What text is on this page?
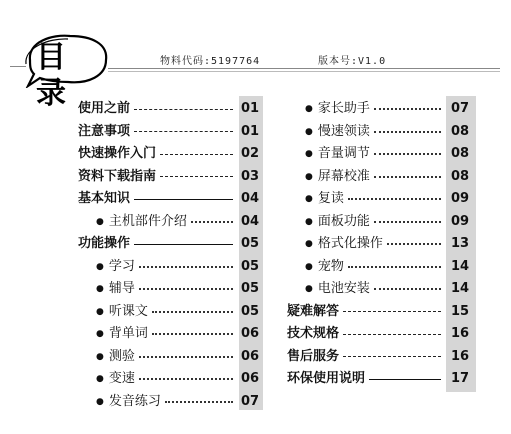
目录
物料代码:5197764	版本号:V1.0
使用之前	01
注意事项	01
快速操作入门	02
资料下载指南	03
基本知识	04
● 主机部件介绍	04
功能操作	05
● 学习	05
● 辅导	05
● 听课文	05
● 背单词	06
● 测验	06
● 变速	06
● 发音练习	07
● 家长助手	07
● 慢速领读	08
● 音量调节	08
● 屏幕校准	08
● 复读	09
● 面板功能	09
● 格式化操作	13
● 宠物	14
● 电池安装	14
疑难解答	15
技术规格	16
售后服务	16
环保使用说明	17
